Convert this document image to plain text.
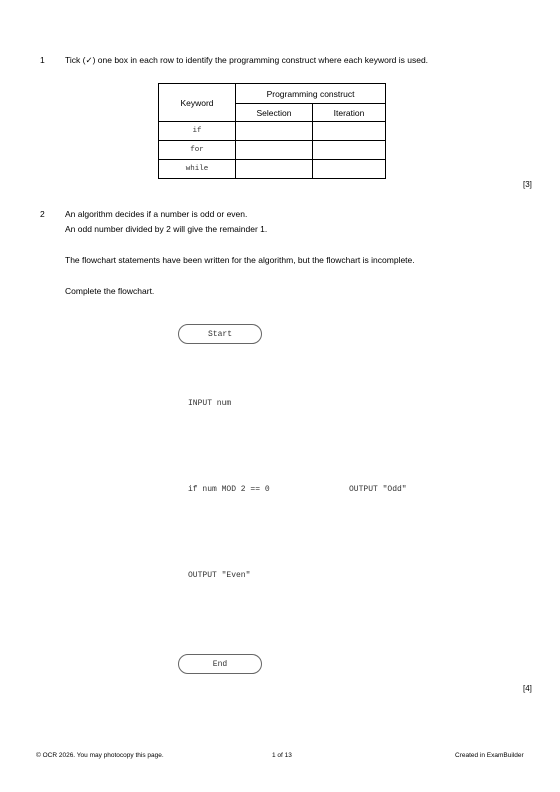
1 Tick (✓) one box in each row to identify the programming construct where each keyword is used.
Keyword	Programming construct	
	Selection	Iteration
if		
for		
while		
[3]
2 An algorithm decides if a number is odd or even.
An odd number divided by 2 will give the remainder 1.
The flowchart statements have been written for the algorithm, but the flowchart is incomplete.
Complete the flowchart.
Start
INPUT num
if num MOD 2 == 0	OUTPUT "Odd"
OUTPUT "Even"
End
[4]
© OCR 2026. You may photocopy this page.	1 of 13	Created in ExamBuilder
